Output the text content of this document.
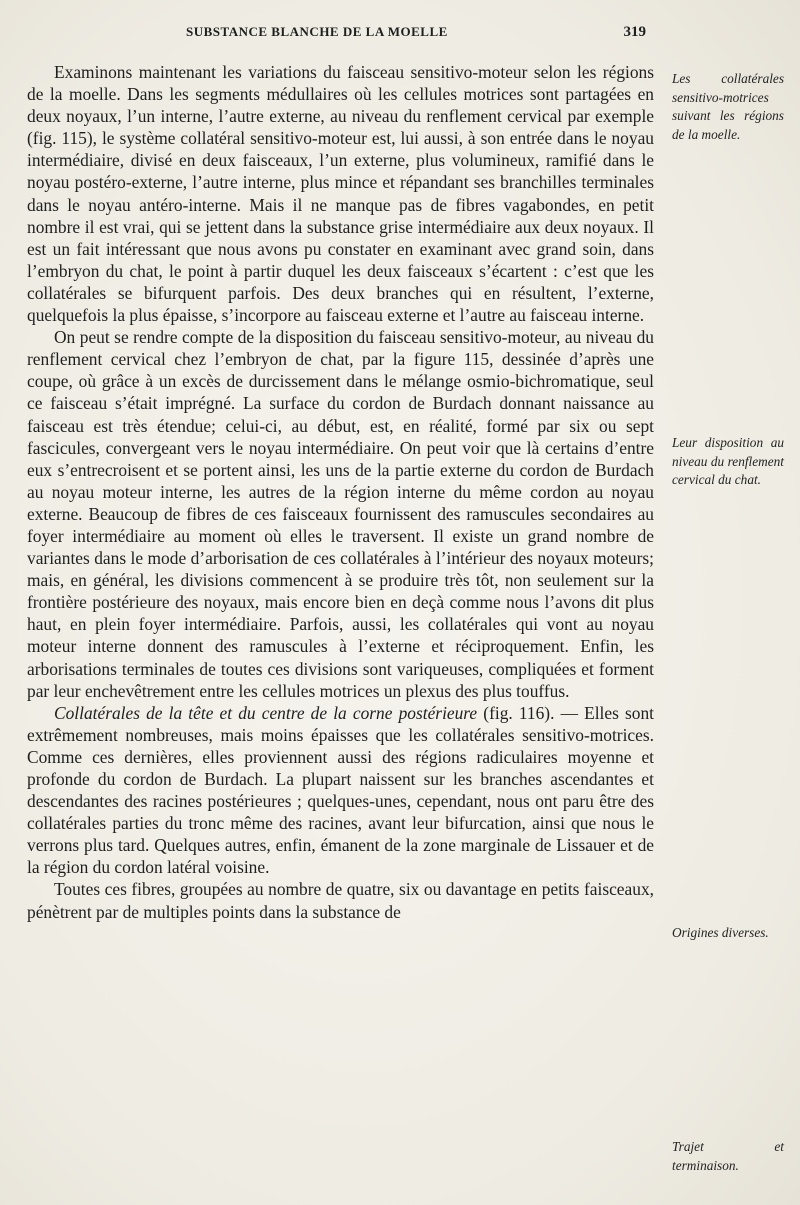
SUBSTANCE BLANCHE DE LA MOELLE	319

Examinons maintenant les variations du faisceau sensitivo-moteur selon les régions de la moelle. Dans les segments médullaires où les cellules motrices sont partagées en deux noyaux, l’un interne, l’autre externe, au niveau du renflement cervical par exemple (fig. 115), le système collatéral sensitivo-moteur est, lui aussi, à son entrée dans le noyau intermédiaire, divisé en deux faisceaux, l’un externe, plus volumineux, ramifié dans le noyau postéro-externe, l’autre interne, plus mince et répandant ses branchilles terminales dans le noyau antéro-interne. Mais il ne manque pas de fibres vagabondes, en petit nombre il est vrai, qui se jettent dans la substance grise intermédiaire aux deux noyaux. Il est un fait intéressant que nous avons pu constater en examinant avec grand soin, dans l’embryon du chat, le point à partir duquel les deux faisceaux s’écartent : c’est que les collatérales se bifurquent parfois. Des deux branches qui en résultent, l’externe, quelquefois la plus épaisse, s’incorpore au faisceau externe et l’autre au faisceau interne.

On peut se rendre compte de la disposition du faisceau sensitivo-moteur, au niveau du renflement cervical chez l’embryon de chat, par la figure 115, dessinée d’après une coupe, où grâce à un excès de durcissement dans le mélange osmio-bichromatique, seul ce faisceau s’était imprégné. La surface du cordon de Burdach donnant naissance au faisceau est très étendue; celui-ci, au début, est, en réalité, formé par six ou sept fascicules, convergeant vers le noyau intermédiaire. On peut voir que là certains d’entre eux s’entrecroisent et se portent ainsi, les uns de la partie externe du cordon de Burdach au noyau moteur interne, les autres de la région interne du même cordon au noyau externe. Beaucoup de fibres de ces faisceaux fournissent des ramuscules secondaires au foyer intermédiaire au moment où elles le traversent. Il existe un grand nombre de variantes dans le mode d’arborisation de ces collatérales à l’intérieur des noyaux moteurs; mais, en général, les divisions commencent à se produire très tôt, non seulement sur la frontière postérieure des noyaux, mais encore bien en deçà comme nous l’avons dit plus haut, en plein foyer intermédiaire. Parfois, aussi, les collatérales qui vont au noyau moteur interne donnent des ramuscules à l’externe et réciproquement. Enfin, les arborisations terminales de toutes ces divisions sont variqueuses, compliquées et forment par leur enchevêtrement entre les cellules motrices un plexus des plus touffus.

Collatérales de la tête et du centre de la corne postérieure (fig. 116). — Elles sont extrêmement nombreuses, mais moins épaisses que les collatérales sensitivo-motrices. Comme ces dernières, elles proviennent aussi des régions radiculaires moyenne et profonde du cordon de Burdach. La plupart naissent sur les branches ascendantes et descendantes des racines postérieures ; quelques-unes, cependant, nous ont paru être des collatérales parties du tronc même des racines, avant leur bifurcation, ainsi que nous le verrons plus tard. Quelques autres, enfin, émanent de la zone marginale de Lissauer et de la région du cordon latéral voisine.

Toutes ces fibres, groupées au nombre de quatre, six ou davantage en petits faisceaux, pénètrent par de multiples points dans la substance de

Les collatérales sensitivo-motrices suivant les régions de la moelle.
Leur disposition au niveau du renflement cervical du chat.
Origines diverses.
Trajet et terminaison.
